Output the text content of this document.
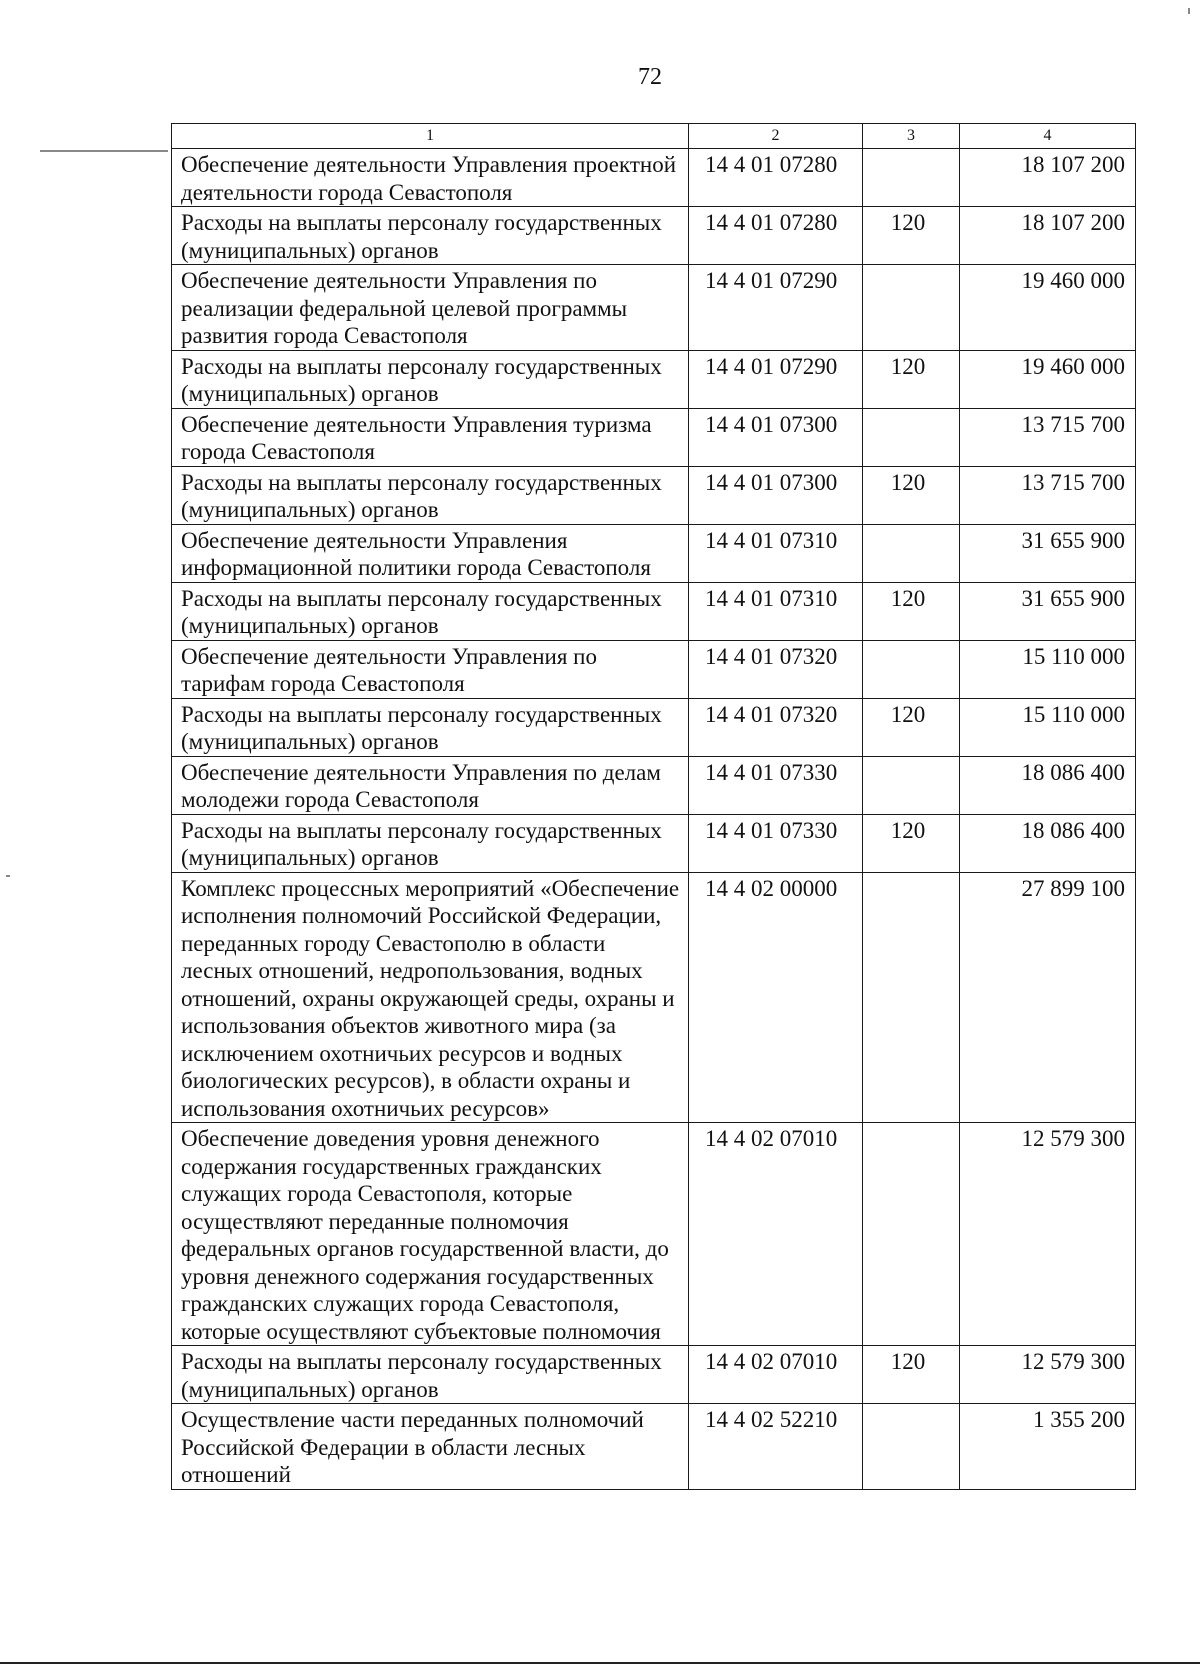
72
1	2	3	4
Обеспечение деятельности Управления проектной деятельности города Севастополя	14 4 01 07280		18 107 200
Расходы на выплаты персоналу государственных (муниципальных) органов	14 4 01 07280	120	18 107 200
Обеспечение деятельности Управления по реализации федеральной целевой программы развития города Севастополя	14 4 01 07290		19 460 000
Расходы на выплаты персоналу государственных (муниципальных) органов	14 4 01 07290	120	19 460 000
Обеспечение деятельности Управления туризма города Севастополя	14 4 01 07300		13 715 700
Расходы на выплаты персоналу государственных (муниципальных) органов	14 4 01 07300	120	13 715 700
Обеспечение деятельности Управления информационной политики города Севастополя	14 4 01 07310		31 655 900
Расходы на выплаты персоналу государственных (муниципальных) органов	14 4 01 07310	120	31 655 900
Обеспечение деятельности Управления по тарифам города Севастополя	14 4 01 07320		15 110 000
Расходы на выплаты персоналу государственных (муниципальных) органов	14 4 01 07320	120	15 110 000
Обеспечение деятельности Управления по делам молодежи города Севастополя	14 4 01 07330		18 086 400
Расходы на выплаты персоналу государственных (муниципальных) органов	14 4 01 07330	120	18 086 400
Комплекс процессных мероприятий «Обеспечение исполнения полномочий Российской Федерации, переданных городу Севастополю в области лесных отношений, недропользования, водных отношений, охраны окружающей среды, охраны и использования объектов животного мира (за исключением охотничьих ресурсов и водных биологических ресурсов), в области охраны и использования охотничьих ресурсов»	14 4 02 00000		27 899 100
Обеспечение доведения уровня денежного содержания государственных гражданских служащих города Севастополя, которые осуществляют переданные полномочия федеральных органов государственной власти, до уровня денежного содержания государственных гражданских служащих города Севастополя, которые осуществляют субъектовые полномочия	14 4 02 07010		12 579 300
Расходы на выплаты персоналу государственных (муниципальных) органов	14 4 02 07010	120	12 579 300
Осуществление части переданных полномочий Российской Федерации в области лесных отношений	14 4 02 52210		1 355 200
